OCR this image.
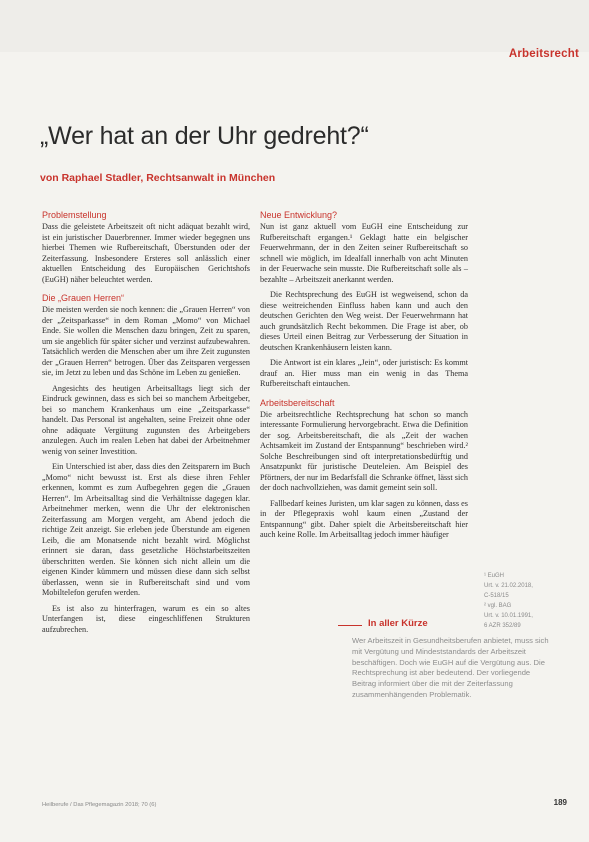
Arbeitsrecht
„Wer hat an der Uhr gedreht?“
von Raphael Stadler, Rechtsanwalt in München
Problemstellung

Dass die geleistete Arbeitszeit oft nicht adäquat bezahlt wird, ist ein juristischer Dauerbrenner. Immer wieder begegnen uns hierbei Themen wie Rufbereitschaft, Überstunden oder der Zeiterfassung. Insbesondere Ersteres soll anlässlich einer aktuellen Entscheidung des Europäischen Gerichtshofs (EuGH) näher beleuchtet werden.

Die „Grauen Herren“

Die meisten werden sie noch kennen: die „Grauen Herren“ von der „Zeitsparkasse“ in dem Roman „Momo“ von Michael Ende. Sie wollen die Menschen dazu bringen, Zeit zu sparen, um sie angeblich für später sicher und verzinst aufzubewahren. Tatsächlich werden die Menschen aber um ihre Zeit zugunsten der „Grauen Herren“ betrogen. Über das Zeitsparen vergessen sie, im Jetzt zu leben und das Schöne im Leben zu genießen.

Angesichts des heutigen Arbeitsalltags liegt sich der Eindruck gewinnen, dass es sich bei so manchem Arbeitgeber, bei so manchem Krankenhaus um eine „Zeitsparkasse“ handelt. Das Personal ist angehalten, seine Freizeit ohne oder ohne adäquate Vergütung zugunsten des Arbeitgebers anzulegen. Auch im realen Leben hat dabei der Arbeitnehmer wenig von seiner Investition.

Ein Unterschied ist aber, dass dies den Zeitsparern im Buch „Momo“ nicht bewusst ist. Erst als diese ihren Fehler erkennen, kommt es zum Aufbegehren gegen die „Grauen Herren“. Im Arbeitsalltag sind die Verhältnisse dagegen klar. Arbeitnehmer merken, wenn die Uhr der elektronischen Zeiterfassung am Morgen vergeht, am Abend jedoch die richtige Zeit anzeigt. Sie erleben jede Überstunde am eigenen Leib, die am Monatsende nicht bezahlt wird. Möglichst erinnert sie daran, dass gesetzliche Höchstarbeitszeiten überschritten werden. Sie können sich nicht allein um die eigenen Kinder kümmern und müssen diese dann sich selbst überlassen, wenn sie in Rufbereitschaft sind und vom Mobiltelefon gerufen werden.

Es ist also zu hinterfragen, warum es ein so altes Unterfangen ist, diese eingeschliffenen Strukturen aufzubrechen.

Neue Entwicklung?

Nun ist ganz aktuell vom EuGH eine Entscheidung zur Rufbereitschaft ergangen.¹ Geklagt hatte ein belgischer Feuerwehrmann, der in den Zeiten seiner Rufbereitschaft so schnell wie möglich, im Idealfall innerhalb von acht Minuten in der Feuerwache sein musste. Die Rufbereitschaft solle als – bezahlte – Arbeitszeit anerkannt werden.

Die Rechtsprechung des EuGH ist wegweisend, schon da diese weitreichenden Einfluss haben kann und auch den deutschen Gerichten den Weg weist. Der Feuerwehrmann hat auch grundsätzlich Recht bekommen. Die Frage ist aber, ob dieses Urteil einen Beitrag zur Verbesserung der Situation in deutschen Krankenhäusern leisten kann.

Die Antwort ist ein klares „Jein“, oder juristisch: Es kommt drauf an. Hier muss man ein wenig in das Thema Rufbereitschaft eintauchen.

Arbeitsbereitschaft

Die arbeitsrechtliche Rechtsprechung hat schon so manch interessante Formulierung hervorgebracht. Etwa die Definition der sog. Arbeitsbereitschaft, die als „Zeit der wachen Achtsamkeit im Zustand der Entspannung“ beschrieben wird.² Solche Beschreibungen sind oft interpretationsbedürftig und Ansatzpunkt für juristische Deuteleien. Am Beispiel des Pförtners, der nur im Bedarfsfall die Schranke öffnet, lässt sich der doch nachvollziehen, was damit gemeint sein soll.

Fallbedarf keines Juristen, um klar sagen zu können, dass es in der Pflegepraxis wohl kaum einen „Zustand der Entspannung“ gibt. Daher spielt die Arbeitsbereitschaft hier auch keine Rolle. Im Arbeitsalltag jedoch immer häufiger

¹ EuGH
Urt. v. 21.02.2018,
C-518/15
² vgl. BAG
Urt. v. 10.01.1991,
6 AZR 352/89
In aller Kürze
Wer Arbeitszeit in Gesundheitsberufen anbietet, muss sich mit Vergütung und Mindeststandards der Arbeitszeit beschäftigen. Doch wie EuGH auf die Vergütung aus. Die Rechtsprechung ist aber bedeutend. Der vorliegende Beitrag informiert über die mit der Zeiterfassung zusammenhängenden Problematik.
Heilberufe / Das Pflegemagazin 2018; 70 (6)	189
